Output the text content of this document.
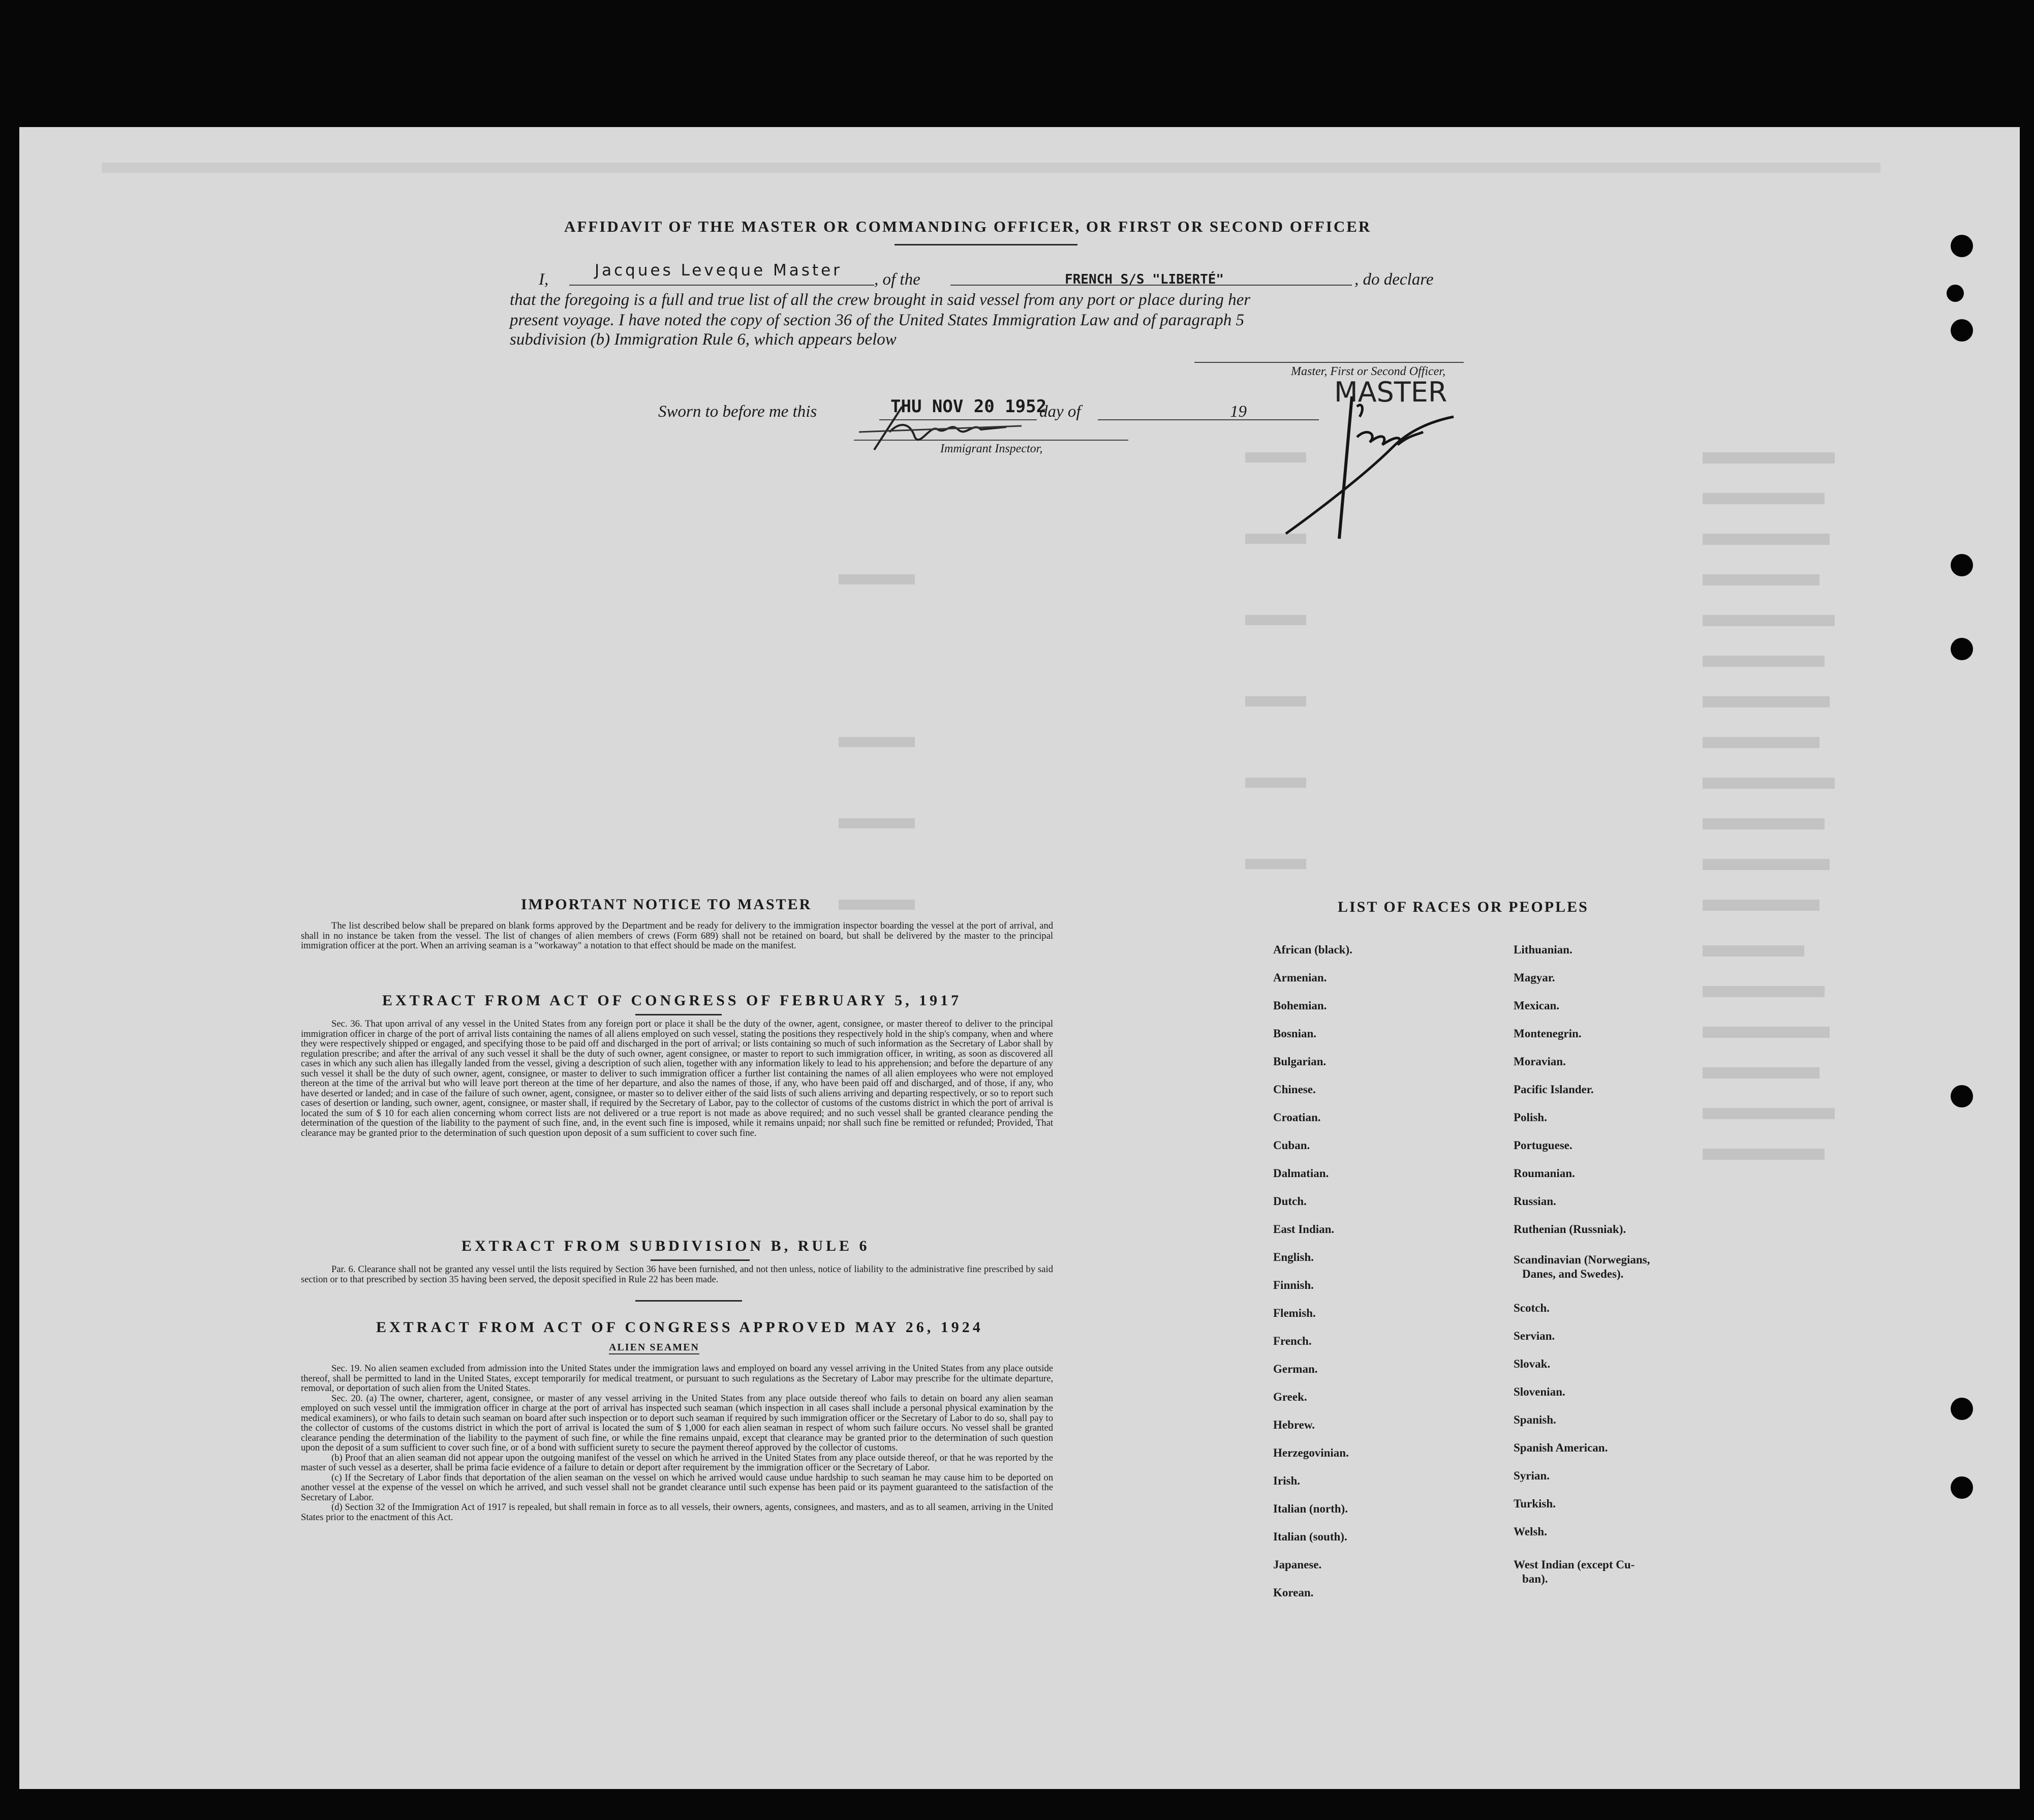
AFFIDAVIT OF THE MASTER OR COMMANDING OFFICER, OR FIRST OR SECOND OFFICER
I,	Jacques Leveque Master , of the	FRENCH S/S "LIBERTÉ"	, do declare
that the foregoing is a full and true list of all the crew brought in said vessel from any port or place during her
present voyage. I have noted the copy of section 36 of the United States Immigration Law and of paragraph 5
subdivision (b) Immigration Rule 6, which appears below
Master, First or Second Officer,
MASTER
Sworn to before me this	THU NOV 20 1952
day of	19
Immigrant Inspector,
IMPORTANT NOTICE TO MASTER

The list described below shall be prepared on blank forms approved by the Department and be ready for delivery to the immigration inspector boarding the vessel at the port of arrival, and shall in no instance be taken from the vessel. The list of changes of alien members of crews (Form 689) shall not be retained on board, but shall be delivered by the master to the principal immigration officer at the port. When an arriving seaman is a "workaway" a notation to that effect should be made on the manifest.

EXTRACT FROM ACT OF CONGRESS OF FEBRUARY 5, 1917

Sec. 36. That upon arrival of any vessel in the United States from any foreign port or place it shall be the duty of the owner, agent, consignee, or master thereof to deliver to the principal immigration officer in charge of the port of arrival lists containing the names of all aliens employed on such vessel, stating the positions they respectively hold in the ship's company, when and where they were respectively shipped or engaged, and specifying those to be paid off and discharged in the port of arrival; or lists containing so much of such information as the Secretary of Labor shall by regulation prescribe; and after the arrival of any such vessel it shall be the duty of such owner, agent consignee, or master to report to such immigration officer, in writing, as soon as discovered all cases in which any such alien has illegally landed from the vessel, giving a description of such alien, together with any information likely to lead to his apprehension; and before the departure of any such vessel it shall be the duty of such owner, agent, consignee, or master to deliver to such immigration officer a further list containing the names of all alien employees who were not employed thereon at the time of the arrival but who will leave port thereon at the time of her departure, and also the names of those, if any, who have been paid off and discharged, and of those, if any, who have deserted or landed; and in case of the failure of such owner, agent, consignee, or master so to deliver either of the said lists of such aliens arriving and departing respectively, or so to report such cases of desertion or landing, such owner, agent, consignee, or master shall, if required by the Secretary of Labor, pay to the collector of customs of the customs district in which the port of arrival is located the sum of $ 10 for each alien concerning whom correct lists are not delivered or a true report is not made as above required; and no such vessel shall be granted clearance pending the determination of the question of the liability to the payment of such fine, and, in the event such fine is imposed, while it remains unpaid; nor shall such fine be remitted or refunded; Provided, That clearance may be granted prior to the determination of such question upon deposit of a sum sufficient to cover such fine.

EXTRACT FROM SUBDIVISION B, RULE 6

Par. 6. Clearance shall not be granted any vessel until the lists required by Section 36 have been furnished, and not then unless, notice of liability to the administrative fine prescribed by said section or to that prescribed by section 35 having been served, the deposit specified in Rule 22 has been made.

EXTRACT FROM ACT OF CONGRESS APPROVED MAY 26, 1924
ALIEN SEAMEN

Sec. 19. No alien seamen excluded from admission into the United States under the immigration laws and employed on board any vessel arriving in the United States from any place outside thereof, shall be permitted to land in the United States, except temporarily for medical treatment, or pursuant to such regulations as the Secretary of Labor may prescribe for the ultimate departure, removal, or deportation of such alien from the United States.

Sec. 20. (a) The owner, charterer, agent, consignee, or master of any vessel arriving in the United States from any place outside thereof who fails to detain on board any alien seaman employed on such vessel until the immigration officer in charge at the port of arrival has inspected such seaman (which inspection in all cases shall include a personal physical examination by the medical examiners), or who fails to detain such seaman on board after such inspection or to deport such seaman if required by such immigration officer or the Secretary of Labor to do so, shall pay to the collector of customs of the customs district in which the port of arrival is located the sum of $ 1,000 for each alien seaman in respect of whom such failure occurs. No vessel shall be granted clearance pending the determination of the liability to the payment of such fine, or while the fine remains unpaid, except that clearance may be granted prior to the determination of such question upon the deposit of a sum sufficient to cover such fine, or of a bond with sufficient surety to secure the payment thereof approved by the collector of customs.

(b) Proof that an alien seaman did not appear upon the outgoing manifest of the vessel on which he arrived in the United States from any place outside thereof, or that he was reported by the master of such vessel as a deserter, shall be prima facie evidence of a failure to detain or deport after requirement by the immigration officer or the Secretary of Labor.

(c) If the Secretary of Labor finds that deportation of the alien seaman on the vessel on which he arrived would cause undue hardship to such seaman he may cause him to be deported on another vessel at the expense of the vessel on which he arrived, and such vessel shall not be grandet clearance until such expense has been paid or its payment guaranteed to the satisfaction of the Secretary of Labor.

(d) Section 32 of the Immigration Act of 1917 is repealed, but shall remain in force as to all vessels, their owners, agents, consignees, and masters, and as to all seamen, arriving in the United States prior to the enactment of this Act.

LIST OF RACES OR PEOPLES
African (black).
Armenian.
Bohemian.
Bosnian.
Bulgarian.
Chinese.
Croatian.
Cuban.
Dalmatian.
Dutch.
East Indian.
English.
Finnish.
Flemish.
French.
German.
Greek.
Hebrew.
Herzegovinian.
Irish.
Italian (north).
Italian (south).
Japanese.
Korean.
Lithuanian.
Magyar.
Mexican.
Montenegrin.
Moravian.
Pacific Islander.
Polish.
Portuguese.
Roumanian.
Russian.
Ruthenian (Russniak).
Scandinavian (Norwegians,
Danes, and Swedes).
Scotch.
Servian.
Slovak.
Slovenian.
Spanish.
Spanish American.
Syrian.
Turkish.
Welsh.
West Indian (except Cu-
ban).
